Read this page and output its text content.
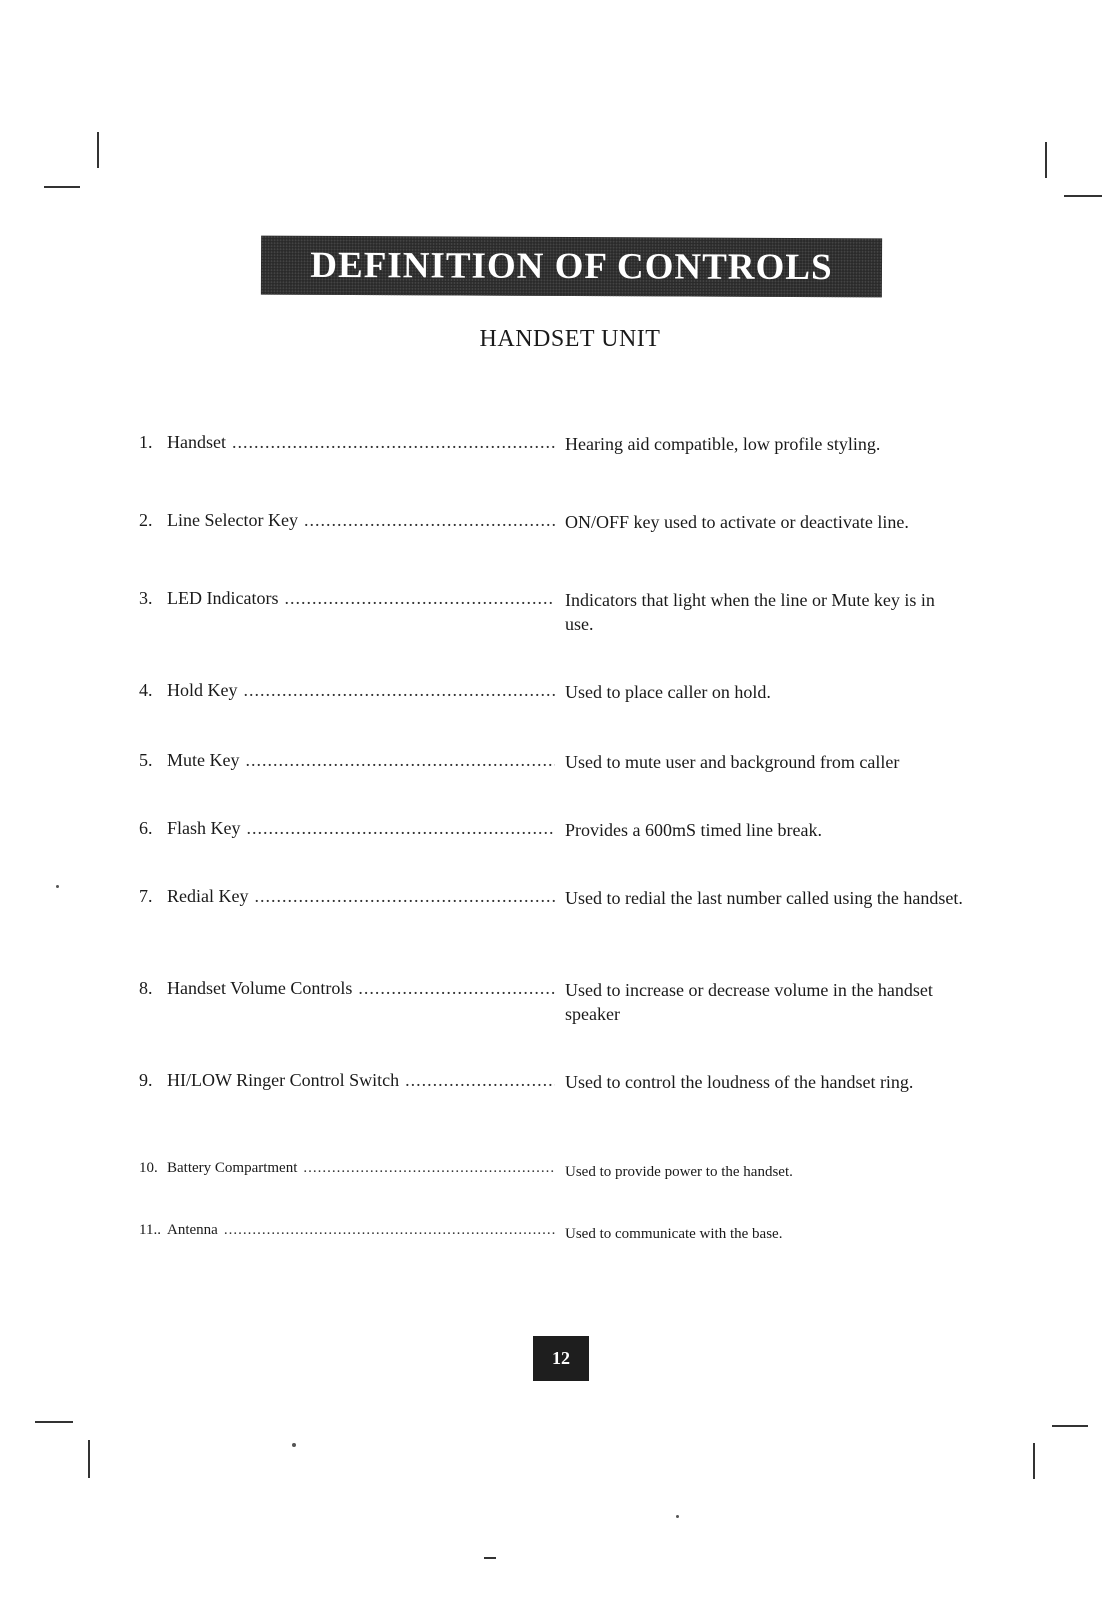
DEFINITION OF CONTROLS
HANDSET UNIT
1. Handset .....	Hearing aid compatible, low profile styling.
2. Line Selector Key .....	ON/OFF key used to activate or deactivate line.
3. LED Indicators .....	Indicators that light when the line or Mute key is in use.
4. Hold Key .....	Used to place caller on hold.
5. Mute Key .....	Used to mute user and background from caller
6. Flash Key .....	Provides a 600mS timed line break.
7. Redial Key .....	Used to redial the last number called using the handset.
8. Handset Volume Controls .....	Used to increase or decrease volume in the handset speaker
9. HI/LOW Ringer Control Switch .....	Used to control the loudness of the handset ring.
10. Battery Compartment .....	Used to provide power to the handset.
11.. Antenna .....	Used to communicate with the base.
12
